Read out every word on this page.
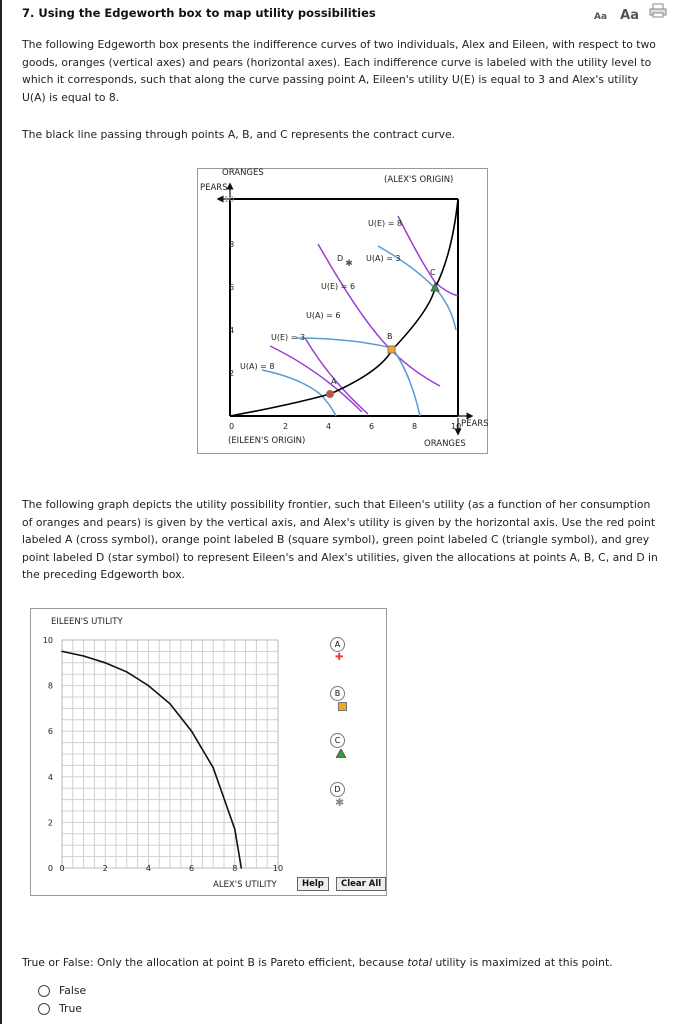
7. Using the Edgeworth box to map utility possibilities	Aa Aa

The following Edgeworth box presents the indifference curves of two individuals, Alex and Eileen, with respect to two goods, oranges (vertical axes) and pears (horizontal axes). Each indifference curve is labeled with the utility level to which it corresponds, such that along the curve passing point A, Eileen's utility U(E) is equal to 3 and Alex's utility U(A) is equal to 8.

The black line passing through points A, B, and C represents the contract curve.

✱
ORANGES
PEARS
(ALEX'S ORIGIN)
(EILEEN'S ORIGIN)
PEARS
ORANGES
10
8
6
4
2
0	2	4	6	8	10
U(E) = 8
U(A) = 3
U(E) = 6
U(A) = 6
U(E) = 3
U(A) = 8
A
B
C
D

The following graph depicts the utility possibility frontier, such that Eileen's utility (as a function of her consumption of oranges and pears) is given by the vertical axis, and Alex's utility is given by the horizontal axis. Use the red point labeled A (cross symbol), orange point labeled B (square symbol), green point labeled C (triangle symbol), and grey point labeled D (star symbol) to represent Eileen's and Alex's utilities, given the allocations at points A, B, C, and D in the preceding Edgeworth box.

EILEEN'S UTILITY
ALEX'S UTILITY
10
8
6
4
2
0 0	2	4	6	8	10
A
✚
B
C
D
✱
Help	Clear All
True or False: Only the allocation at point B is Pareto efficient, because total utility is maximized at this point.
False
True
